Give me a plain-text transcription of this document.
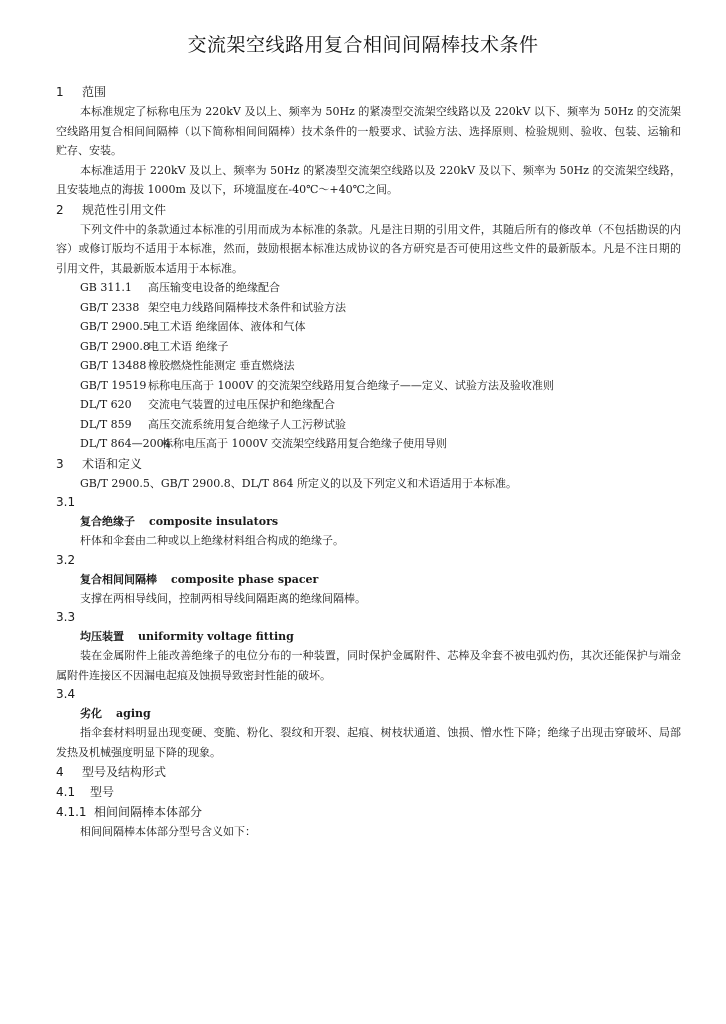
交流架空线路用复合相间间隔棒技术条件
1 范围
本标准规定了标称电压为 220kV 及以上、频率为 50Hz 的紧凑型交流架空线路以及 220kV 以下、频率为 50Hz 的交流架空线路用复合相间间隔棒（以下简称相间间隔棒）技术条件的一般要求、试验方法、选择原则、检验规则、验收、包装、运输和贮存、安装。
本标准适用于 220kV 及以上、频率为 50Hz 的紧凑型交流架空线路以及 220kV 及以下、频率为 50Hz 的交流架空线路，且安装地点的海拔 1000m 及以下，环境温度在-40℃～+40℃之间。
2 规范性引用文件
下列文件中的条款通过本标准的引用而成为本标准的条款。凡是注日期的引用文件，其随后所有的修改单（不包括勘误的内容）或修订版均不适用于本标准，然而，鼓励根据本标准达成协议的各方研究是否可使用这些文件的最新版本。凡是不注日期的引用文件，其最新版本适用于本标准。
GB 311.1 高压输变电设备的绝缘配合
GB/T 2338 架空电力线路间隔棒技术条件和试验方法
GB/T 2900.5电工术语 绝缘固体、液体和气体
GB/T 2900.8电工术语 绝缘子
GB/T 13488 橡胶燃烧性能测定 垂直燃烧法
GB/T 19519 标称电压高于 1000V 的交流架空线路用复合绝缘子——定义、试验方法及验收准则
DL/T 620 交流电气装置的过电压保护和绝缘配合
DL/T 859 高压交流系统用复合绝缘子人工污秽试验
DL/T 864—2004标称电压高于 1000V 交流架空线路用复合绝缘子使用导则
3 术语和定义
GB/T 2900.5、GB/T 2900.8、DL/T 864 所定义的以及下列定义和术语适用于本标准。
3.1
复合绝缘子 composite insulators
杆体和伞套由二种或以上绝缘材料组合构成的绝缘子。
3.2
复合相间间隔棒 composite phase spacer
支撑在两相导线间，控制两相导线间隔距离的绝缘间隔棒。
3.3
均压装置 uniformity voltage fitting
装在金属附件上能改善绝缘子的电位分布的一种装置，同时保护金属附件、芯棒及伞套不被电弧灼伤，其次还能保护与端金属附件连接区不因漏电起痕及蚀损导致密封性能的破坏。
3.4
劣化 aging
指伞套材料明显出现变硬、变脆、粉化、裂纹和开裂、起痕、树枝状通道、蚀损、憎水性下降；绝缘子出现击穿破坏、局部发热及机械强度明显下降的现象。
4 型号及结构形式
4.1 型号
4.1.1 相间间隔棒本体部分
相间间隔棒本体部分型号含义如下：
